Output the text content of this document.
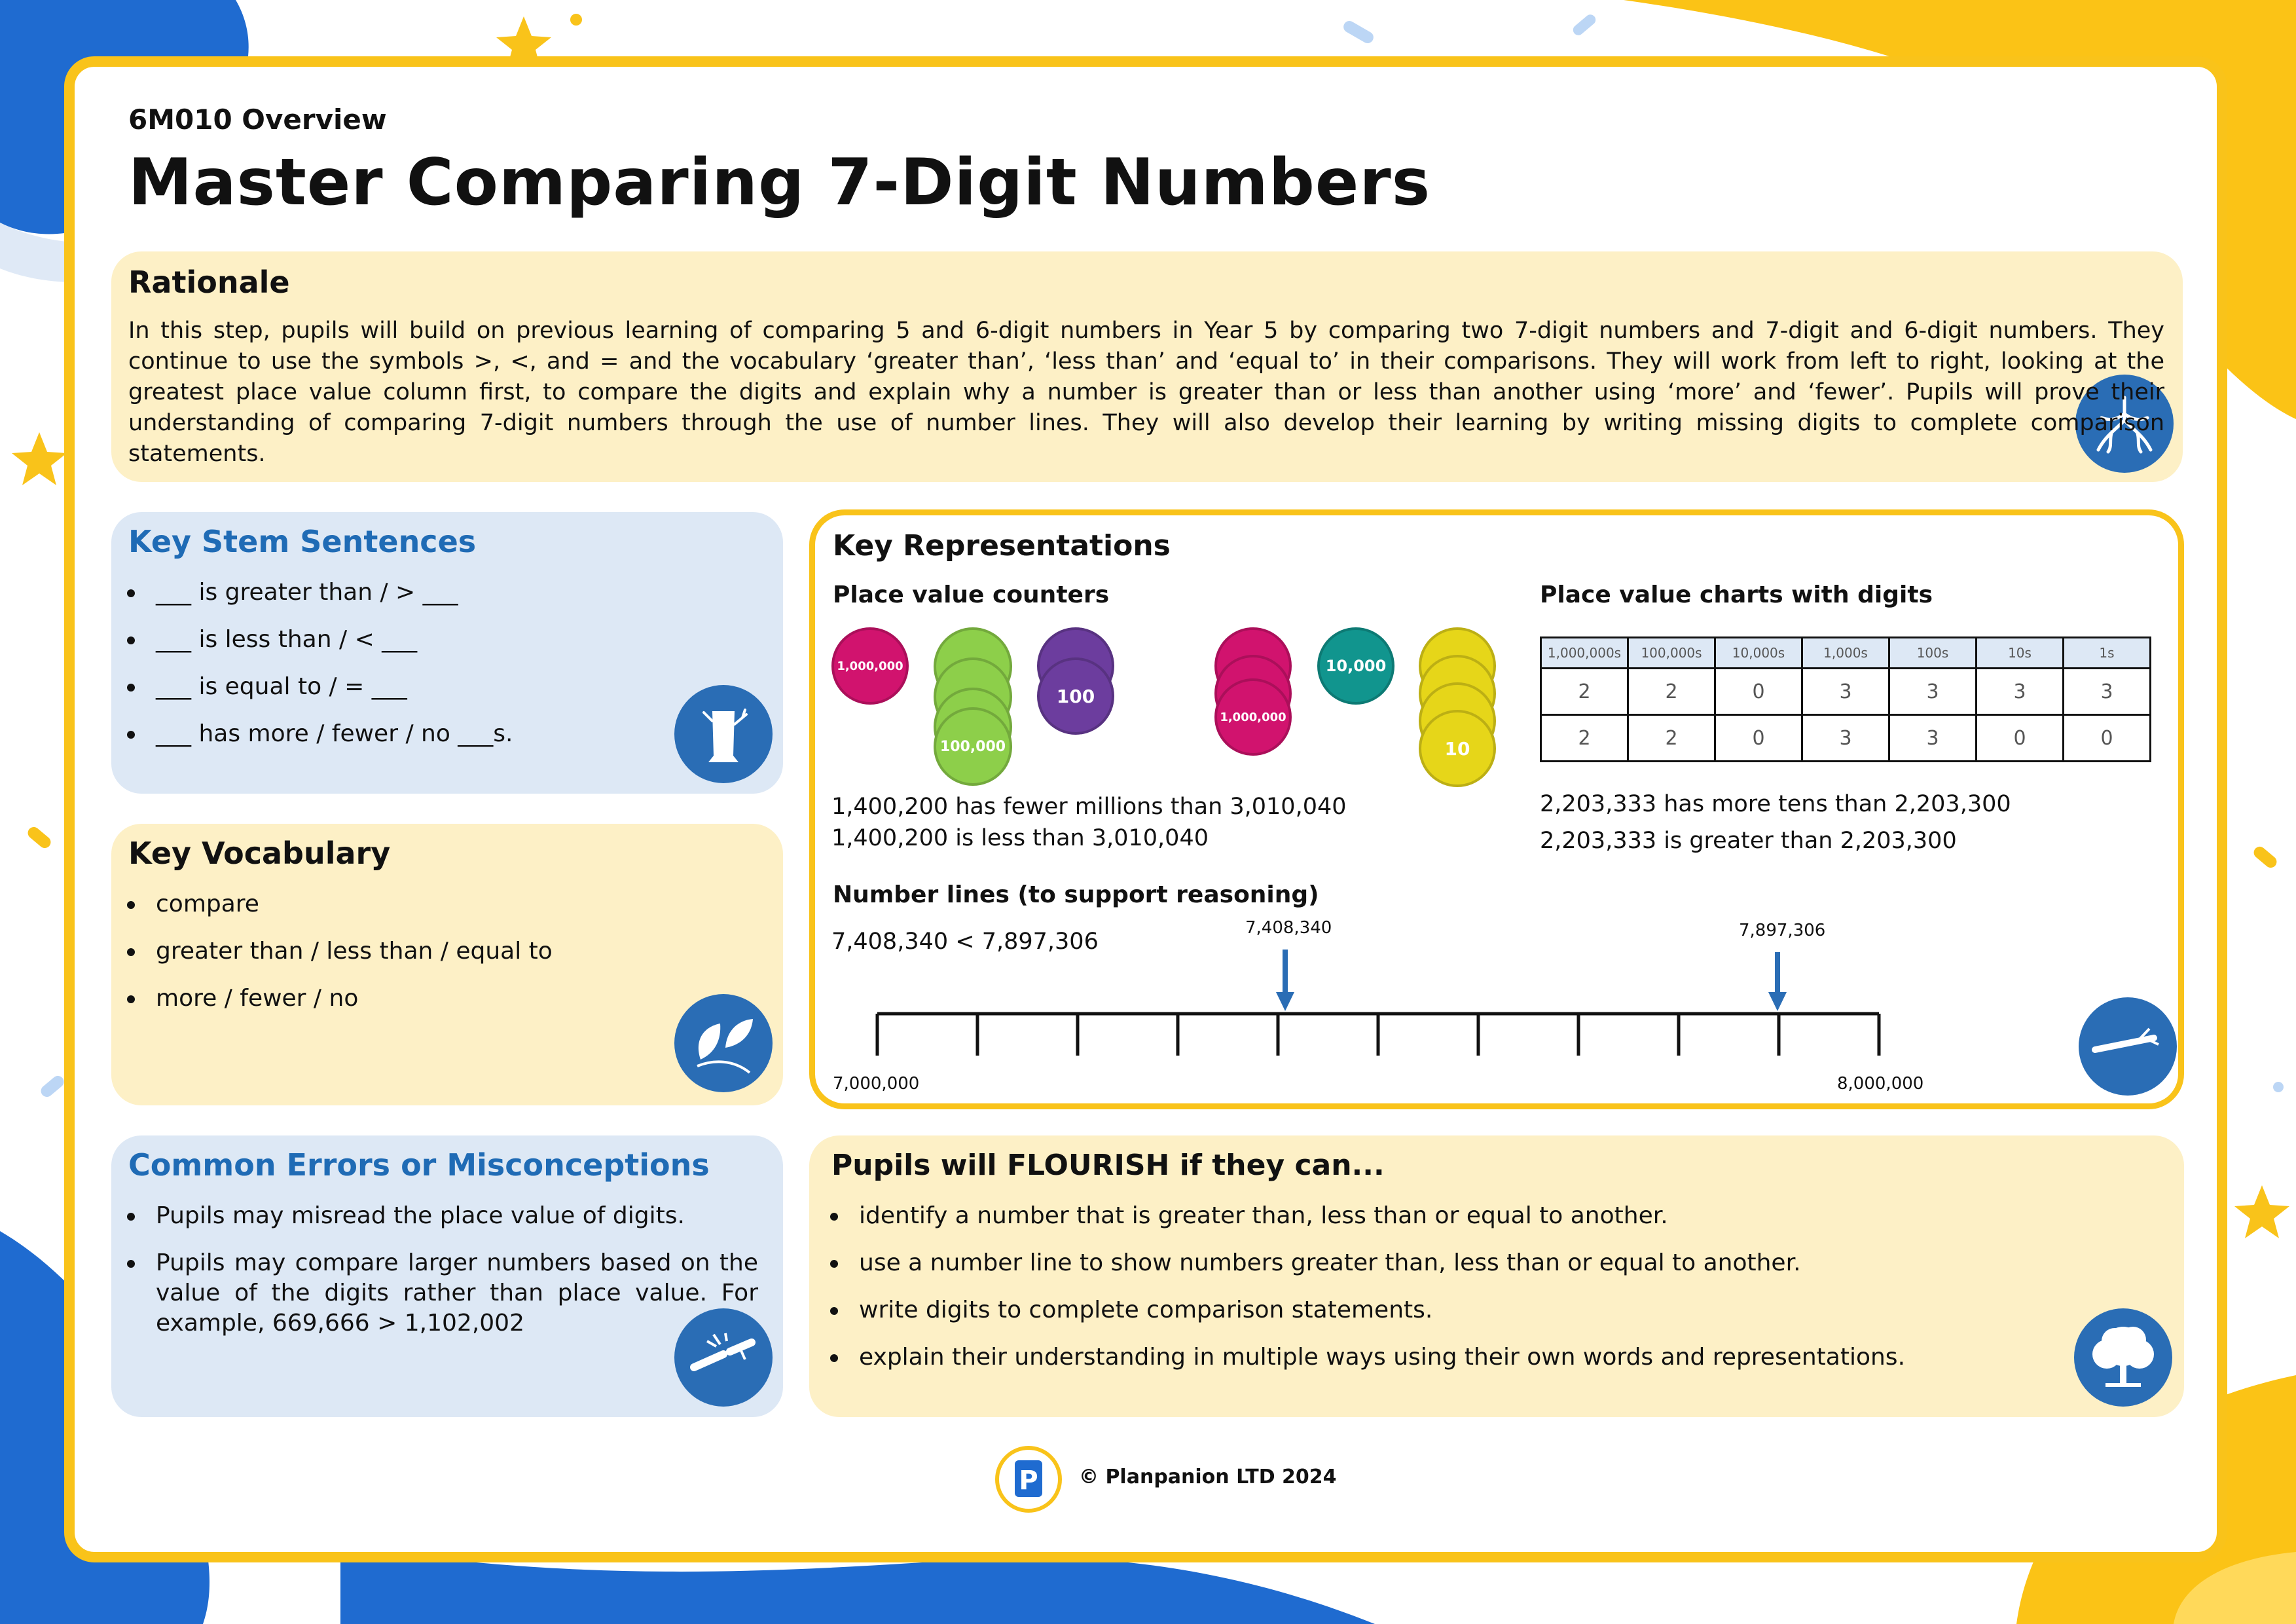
6M010 Overview
Master Comparing 7-Digit Numbers
Rationale
In this step, pupils will build on previous learning of comparing 5 and 6-digit numbers in Year 5 by comparing two 7-digit numbers and 7-digit and 6-digit numbers. They continue to use the symbols >, <, and = and the vocabulary ‘greater than’, ‘less than’ and ‘equal to’ in their comparisons. They will work from left to right, looking at the greatest place value column first, to compare the digits and explain why a number is greater than or less than another using ‘more’ and ‘fewer’. Pupils will prove their understanding of comparing 7-digit numbers through the use of number lines. They will also develop their learning by writing missing digits to complete comparison statements.
Key Stem Sentences
___ is greater than / > ___
___ is less than / < ___
___ is equal to / = ___
___ has more / fewer / no ___s.
Key Vocabulary
compare
greater than / less than / equal to
more / fewer / no
Common Errors or Misconceptions
Pupils may misread the place value of digits.
Pupils may compare larger numbers based on the value of the digits rather than place value. For example, 669,666 > 1,102,002
Key Representations
Place value counters	Place value charts with digits
1,000,000
100,000
100
1,000,000
10,000
10
1,400,200 has fewer millions than 3,010,040
1,400,200 is less than 3,010,040
1,000,000s	100,000s	10,000s	1,000s	100s	10s	1s
2	2	0	3	3	3	3
2	2	0	3	3	0	0
2,203,333 has more tens than 2,203,300
2,203,333 is greater than 2,203,300
Number lines (to support reasoning)
7,408,340 < 7,897,306
7,408,340	7,897,306
7,000,000	8,000,000
Pupils will FLOURISH if they can...
identify a number that is greater than, less than or equal to another.
use a number line to show numbers greater than, less than or equal to another.
write digits to complete comparison statements.
explain their understanding in multiple ways using their own words and representations.
P © Planpanion LTD 2024
